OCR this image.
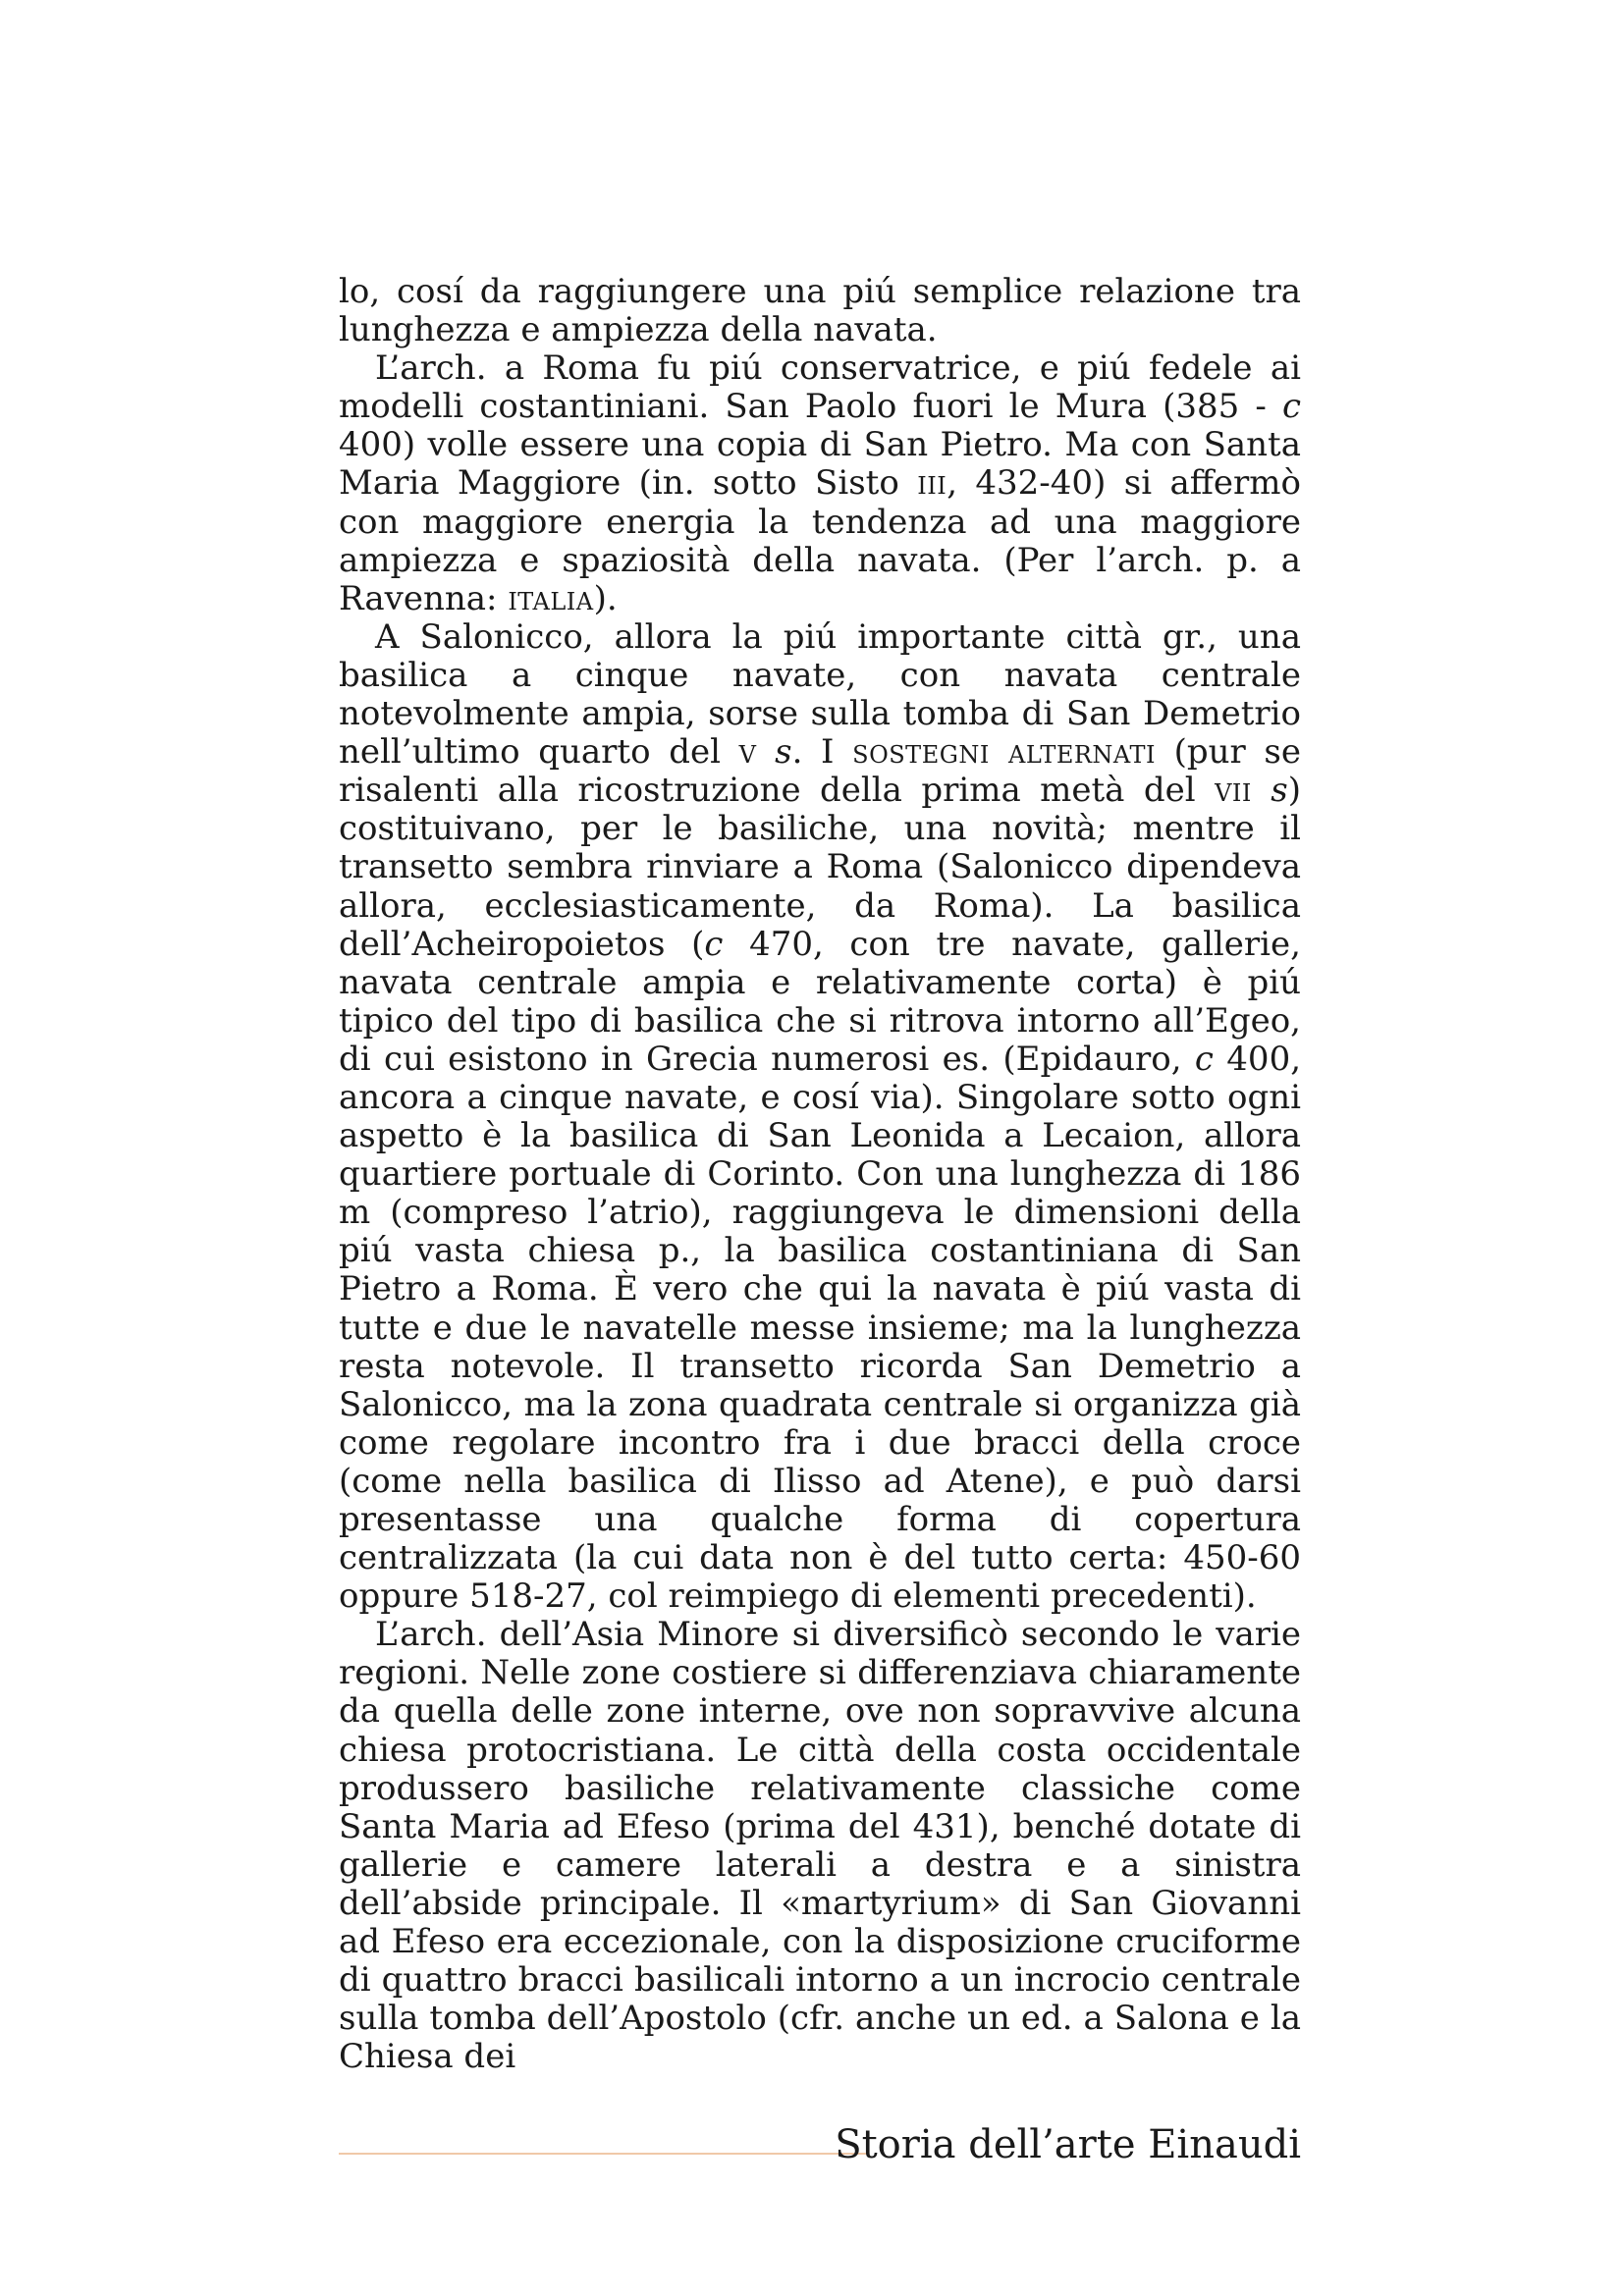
lo, cosí da raggiungere una piú semplice relazione tra lunghezza e ampiezza della navata.

L’arch. a Roma fu piú conservatrice, e piú fedele ai modelli costantiniani. San Paolo fuori le Mura (385 - c 400) volle essere una copia di San Pietro. Ma con Santa Maria Maggiore (in. sotto Sisto iii, 432-40) si affermò con maggiore energia la tendenza ad una maggiore ampiezza e spaziosità della navata. (Per l’arch. p. a Ravenna: italia).

A Salonicco, allora la piú importante città gr., una basilica a cinque navate, con navata centrale notevolmente ampia, sorse sulla tomba di San Demetrio nell’ultimo quarto del v s. I sostegni alternati (pur se risalenti alla ricostruzione della prima metà del vii s) costituivano, per le basiliche, una novità; mentre il transetto sembra rinviare a Roma (Salonicco dipendeva allora, ecclesiasticamente, da Roma). La basilica dell’Acheiropoietos (c 470, con tre navate, gallerie, navata centrale ampia e relativamente corta) è piú tipico del tipo di basilica che si ritrova intorno all’Egeo, di cui esistono in Grecia numerosi es. (Epidauro, c 400, ancora a cinque navate, e cosí via). Singolare sotto ogni aspetto è la basilica di San Leonida a Lecaion, allora quartiere portuale di Corinto. Con una lunghezza di 186 m (compreso l’atrio), raggiungeva le dimensioni della piú vasta chiesa p., la basilica costantiniana di San Pietro a Roma. È vero che qui la navata è piú vasta di tutte e due le navatelle messe insieme; ma la lunghezza resta notevole. Il transetto ricorda San Demetrio a Salonicco, ma la zona quadrata centrale si organizza già come regolare incontro fra i due bracci della croce (come nella basilica di Ilisso ad Atene), e può darsi presentasse una qualche forma di copertura centralizzata (la cui data non è del tutto certa: 450-60 oppure 518-27, col reimpiego di elementi precedenti).

L’arch. dell’Asia Minore si diversificò secondo le varie regioni. Nelle zone costiere si differenziava chiaramente da quella delle zone interne, ove non sopravvive alcuna chiesa protocristiana. Le città della costa occidentale produssero basiliche relativamente classiche come Santa Maria ad Efeso (prima del 431), benché dotate di gallerie e camere laterali a destra e a sinistra dell’abside principale. Il «martyrium» di San Giovanni ad Efeso era eccezionale, con la disposizione cruciforme di quattro bracci basilicali intorno a un incrocio centrale sulla tomba dell’Apostolo (cfr. anche un ed. a Salona e la Chiesa dei

Storia dell’arte Einaudi
